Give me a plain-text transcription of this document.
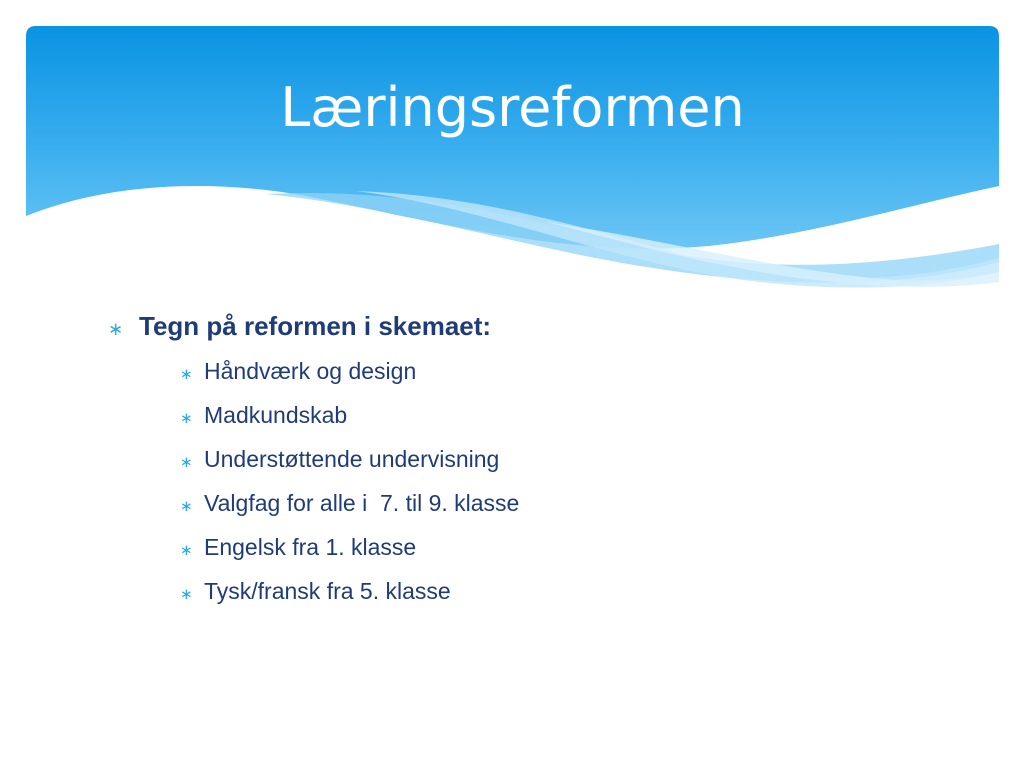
Læringsreformen
∗ Tegn på reformen i skemaet:
∗ Håndværk og design
∗ Madkundskab
∗ Understøttende undervisning
∗ Valgfag for alle i  7. til 9. klasse
∗ Engelsk fra 1. klasse
∗ Tysk/fransk fra 5. klasse
